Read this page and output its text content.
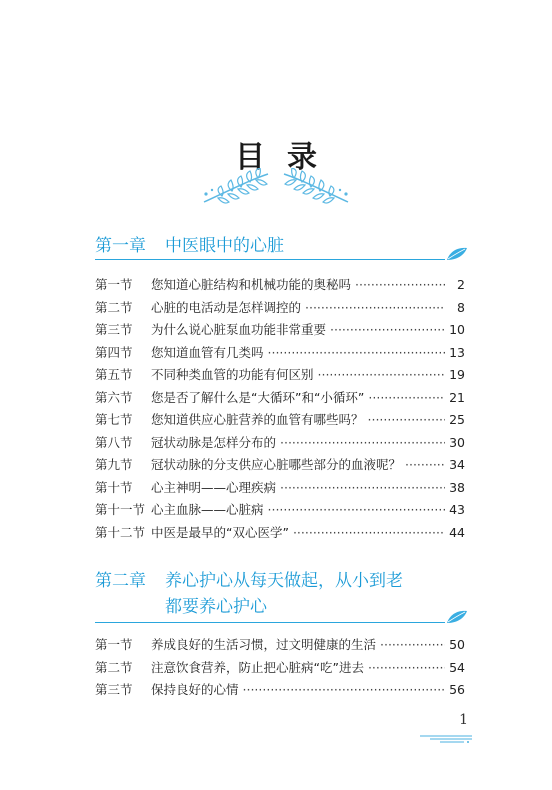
目录
第一章 中医眼中的心脏
第一节	您知道心脏结构和机械功能的奥秘吗 ·····	2
第二节	心脏的电活动是怎样调控的 ·····	8
第三节	为什么说心脏泵血功能非常重要 ·····	10
第四节	您知道血管有几类吗 ·····	13
第五节	不同种类血管的功能有何区别 ·····	19
第六节	您是否了解什么是“大循环”和“小循环” ·····	21
第七节	您知道供应心脏营养的血管有哪些吗？ ·····	25
第八节	冠状动脉是怎样分布的 ·····	30
第九节	冠状动脉的分支供应心脏哪些部分的血液呢？ ·····	34
第十节	心主神明——心理疾病 ·····	38
第十一节 心主血脉——心脏病 ·····	43
第十二节 中医是最早的“双心医学” ·····	44
第二章 养心护心从每天做起，从小到老
都要养心护心
第一节	养成良好的生活习惯，过文明健康的生活 ·····	50
第二节	注意饮食营养，防止把心脏病“吃”进去 ·····	54
第三节	保持良好的心情 ·····	56
1
